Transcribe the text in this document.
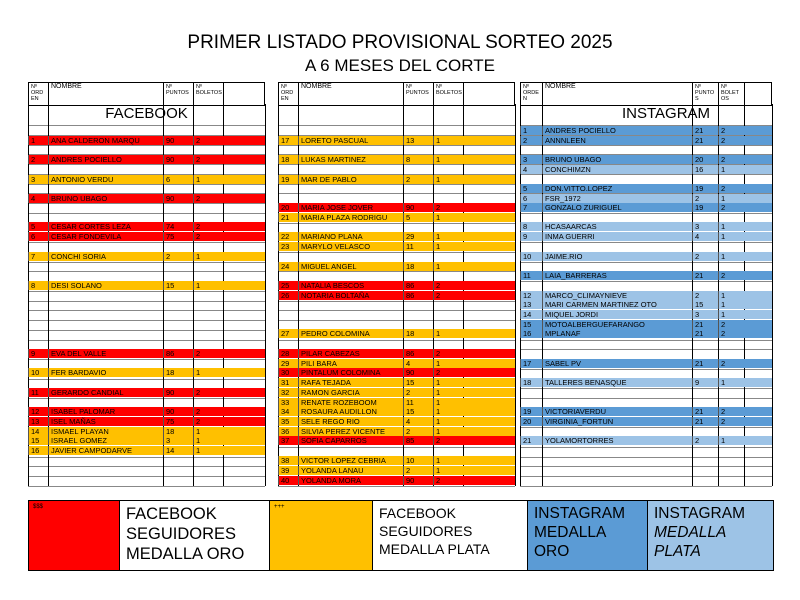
PRIMER LISTADO PROVISIONAL SORTEO 2025
A 6 MESES DEL CORTE
Nº ORD EN
NOMBRE	Nº PUNTOS
Nº BOLETOS
FACEBOOK
Nº ORD EN
NOMBRE	Nº PUNTOS
Nº BOLETOS
Nº ORDE N
NOMBRE	Nº PUNTO S
Nº BOLET OS
INSTAGRAM
1	ANA CALDERON MARQU	90	2
2	ANDRES POCIELLO	90	2
3	ANTONIO VERDU	6	1
4	BRUNO UBAGO	90	2
5	CESAR CORTES LEZA	74	2
6	CESAR FONDEVILA	75	2
7	CONCHI SORIA	2	1
8	DESI SOLANO	15	1
9	EVA DEL VALLE	86	2
10	FER BARDAVIO	18	1
11	GERARDO CANDIAL	90	2
12	ISABEL PALOMAR	90	2
13	ISEL MAÑAS	75	2
14	ISMAEL PLAYAN	18	1
15	ISRAEL GOMEZ	3	1
16	JAVIER CAMPODARVE	14	1
17	LORETO PASCUAL	13	1
18	LUKAS MARTINEZ	8	1
19	MAR DE PABLO	2	1
20	MARIA JOSE JOVER	90	2
21	MARIA PLAZA RODRIGU	5	1
22	MARIANO PLANA	29	1
23	MARYLO VELASCO	11	1
24	MIGUEL ANGEL	18	1
25	NATALIA BESCOS	86	2
26	NOTARIA BOLTAÑA	86	2
27	PEDRO COLOMINA	18	1
28	PILAR CABEZAS	86	2
29	PILI BARA	4	1
30	PINTALUM COLOMINA	90	2
31	RAFA TEJADA	15	1
32	RAMON GARCIA	2	1
33	RENATE ROZEBOOM	11	1
34	ROSAURA AUDILLON	15	1
35	SELE REGO RIO	4	1
36	SILVIA PEREZ VICENTE	2	1
37	SOFIA CAPARROS	85	2
38	VICTOR LOPEZ CEBRIA	10	1
39	YOLANDA LANAU	2	1
40	YOLANDA MORA	90	2
1	ANDRES POCIELLO	21	2
2	ANNNLEEN	21	2
3	BRUNO UBAGO	20	2
4	CONCHIMZN	16	1
5	DON.VITTO.LOPEZ	19	2
6	FSR_1972	2	1
7	GONZALO ZURIGUEL	19	2
8	HCASAARCAS	3	1
9	INMA GUERRI	4	1
10	JAIME.RIO	2	1
11	LAIA_BARRERAS	21	2
12	MARCO_CLIMAYNIEVE	2	1
13	MARI CARMEN MARTINEZ OTO	15	1
14	MIQUEL JORDI	3	1
15	MOTOALBERGUEFARANGO	21	2
16	MPLANAF	21	2
17	SABEL PV	21	2
18	TALLERES BENASQUE	9	1
19	VICTORIAVERDU	21	2
20	VIRGINIA_FORTUN	21	2
21	YOLAMORTORRES	2	1
$$$	FACEBOOK
SEGUIDORES
MEDALLA ORO
+++	FACEBOOK
SEGUIDORES
MEDALLA PLATA
INSTAGRAM
MEDALLA
ORO
INSTAGRAM
MEDALLA
PLATA
